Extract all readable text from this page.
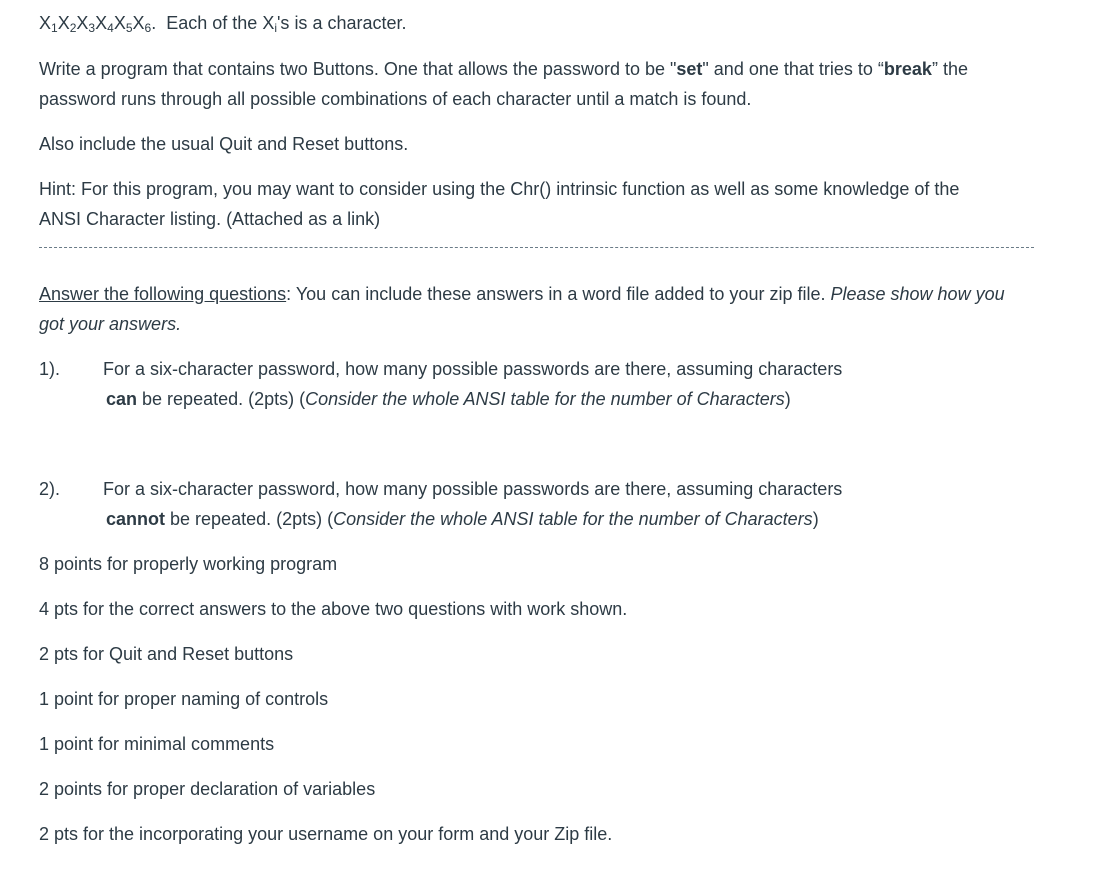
$X_1X_2X_3X_4X_5X_6$. Each of the $X_i's$ is a character.
Write a program that contains two Buttons. One that allows the password to be "set" and one that tries to “break” the
password runs through all possible combinations of each character until a match is found.
Also include the usual Quit and Reset buttons.
Hint: For this program, you may want to consider using the Chr() intrinsic function as well as some knowledge of the
ANSI Character listing. (Attached as a link)
Answer the following questions: You can include these answers in a word file added to your zip file. Please show how you
got your answers.
1). For a six-character password, how many possible passwords are there, assuming characters
can be repeated. (2pts) (Consider the whole ANSI table for the number of Characters)
2). For a six-character password, how many possible passwords are there, assuming characters
cannot be repeated. (2pts) (Consider the whole ANSI table for the number of Characters)
8 points for properly working program
4 pts for the correct answers to the above two questions with work shown.
2 pts for Quit and Reset buttons
1 point for proper naming of controls
1 point for minimal comments
2 points for proper declaration of variables
2 pts for the incorporating your username on your form and your Zip file.
